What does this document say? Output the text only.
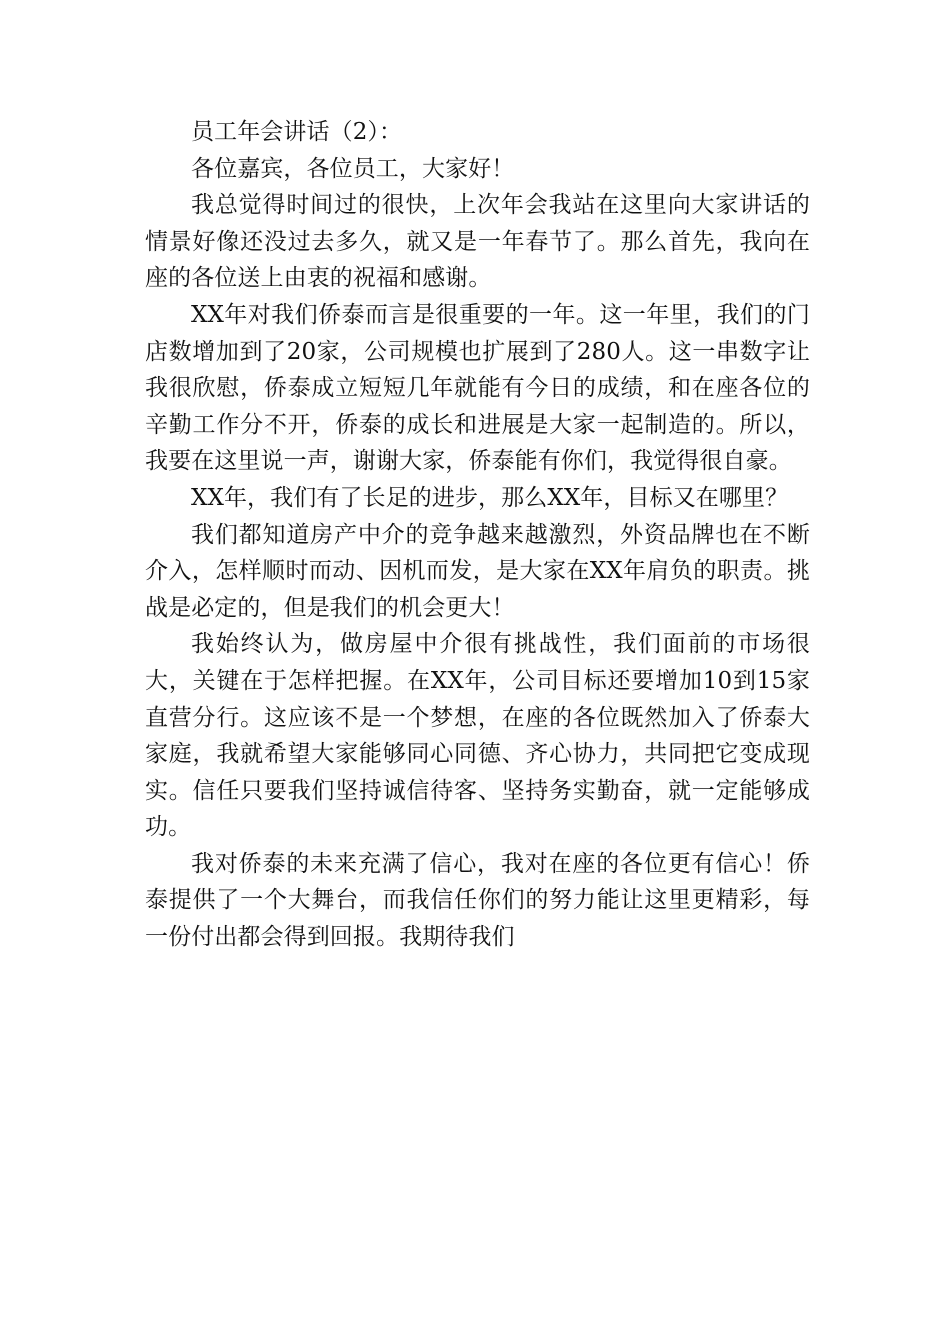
员工年会讲话（2）：

各位嘉宾，各位员工，大家好！

我总觉得时间过的很快，上次年会我站在这里向大家讲话的情景好像还没过去多久，就又是一年春节了。那么首先，我向在座的各位送上由衷的祝福和感谢。

XX年对我们侨泰而言是很重要的一年。这一年里，我们的门店数增加到了20家，公司规模也扩展到了280人。这一串数字让我很欣慰，侨泰成立短短几年就能有今日的成绩，和在座各位的辛勤工作分不开，侨泰的成长和进展是大家一起制造的。所以，我要在这里说一声，谢谢大家，侨泰能有你们，我觉得很自豪。

XX年，我们有了长足的进步，那么XX年，目标又在哪里？

我们都知道房产中介的竞争越来越激烈，外资品牌也在不断介入，怎样顺时而动、因机而发，是大家在XX年肩负的职责。挑战是必定的，但是我们的机会更大！

我始终认为，做房屋中介很有挑战性，我们面前的市场很大，关键在于怎样把握。在XX年，公司目标还要增加10到15家直营分行。这应该不是一个梦想，在座的各位既然加入了侨泰大家庭，我就希望大家能够同心同德、齐心协力，共同把它变成现实。信任只要我们坚持诚信待客、坚持务实勤奋，就一定能够成功。

我对侨泰的未来充满了信心，我对在座的各位更有信心！侨泰提供了一个大舞台，而我信任你们的努力能让这里更精彩，每一份付出都会得到回报。我期待我们
